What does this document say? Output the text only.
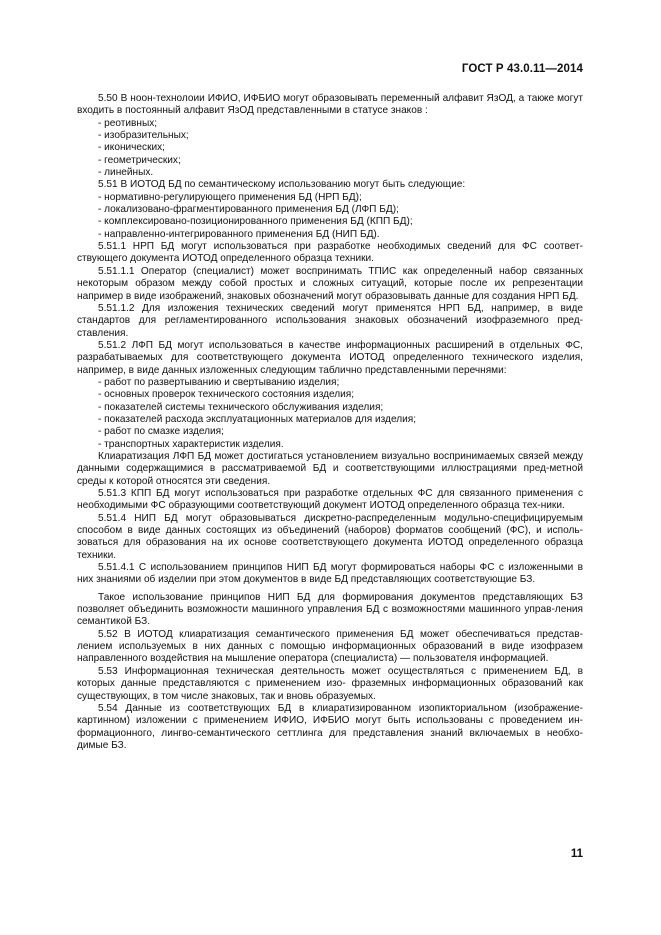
ГОСТ Р 43.0.11—2014

5.50 В ноон-технолоии ИФИО, ИФБИО могут образовывать переменный алфавит ЯзОД, а также могут входить в постоянный алфавит ЯзОД представленными в статусе знаков :

- реотивных;

- изобразительных;

- иконических;

- геометрических;

- линейных.

5.51 В ИОТОД БД по семантическому использованию могут быть следующие:

- нормативно-регулирующего применения БД (НРП БД);

- локализовано-фрагментированного применения БД (ЛФП БД);

- комплексировано-позиционированного применения БД (КПП БД);

- направленно-интегрированного применения БД (НИП БД).

5.51.1 НРП БД могут использоваться при разработке необходимых сведений для ФС соответ-ствующего документа ИОТОД определенного образца техники.

5.51.1.1 Оператор (специалист) может воспринимать ТПИС как определенный набор связанных некоторым образом между собой простых и сложных ситуаций, которые после их репрезентации например в виде изображений, знаковых обозначений могут образовывать данные для создания НРП БД.

5.51.1.2 Для изложения технических сведений могут применятся НРП БД, например, в виде стандартов для регламентированного использования знаковых обозначений изофраземного пред-ставления.

5.51.2 ЛФП БД могут использоваться в качестве информационных расширений в отдельных ФС, разрабатываемых для соответствующего документа ИОТОД определенного технического изделия, например, в виде данных изложенных следующим таблично представленными перечнями:

- работ по развертыванию и свертыванию изделия;

- основных проверок технического состояния изделия;

- показателей системы технического обслуживания изделия;

- показателей расхода эксплуатационных материалов для изделия;

- работ по смазке изделия;

- транспортных характеристик изделия.

Клиаратизация ЛФП БД может достигаться установлением визуально воспринимаемых связей между данными содержащимися в рассматриваемой БД и соответствующими иллюстрациями пред-метной среды к которой относятся эти сведения.

5.51.3 КПП БД могут использоваться при разработке отдельных ФС для связанного применения с необходимыми ФС образующими соответствующий документ ИОТОД определенного образца тех-ники.

5.51.4 НИП БД могут образовываться дискретно-распределенным модульно-специфицируемым способом в виде данных состоящих из объединений (наборов) форматов сообщений (ФС), и исполь-зоваться для образования на их основе соответствующего документа ИОТОД определенного образца техники.

5.51.4.1 С использованием принципов НИП БД могут формироваться наборы ФС с изложенными в них знаниями об изделии при этом документов в виде БД представляющих соответствующие БЗ.

Такое использование принципов НИП БД для формирования документов представляющих БЗ позволяет объединить возможности машинного управления БД с возможностями машинного управ-ления семантикой БЗ.

5.52 В ИОТОД клиаратизация семантического применения БД может обеспечиваться представ-лением используемых в них данных с помощью информационных образований в виде изофразем направленного воздействия на мышление оператора (специалиста) — пользователя информацией.

5.53 Информационная техническая деятельность может осуществляться с применением БД, в которых данные представляются с применением изо- фраземных информационных образований как существующих, в том числе знаковых, так и вновь образуемых.

5.54 Данные из соответствующих БД в клиаратизированном изопикториальном (изображение-картинном) изложении с применением ИФИО, ИФБИО могут быть использованы с проведением ин-формационного, лингво-семантического сеттлинга для представления знаний включаемых в необхо-димые БЗ.

11
